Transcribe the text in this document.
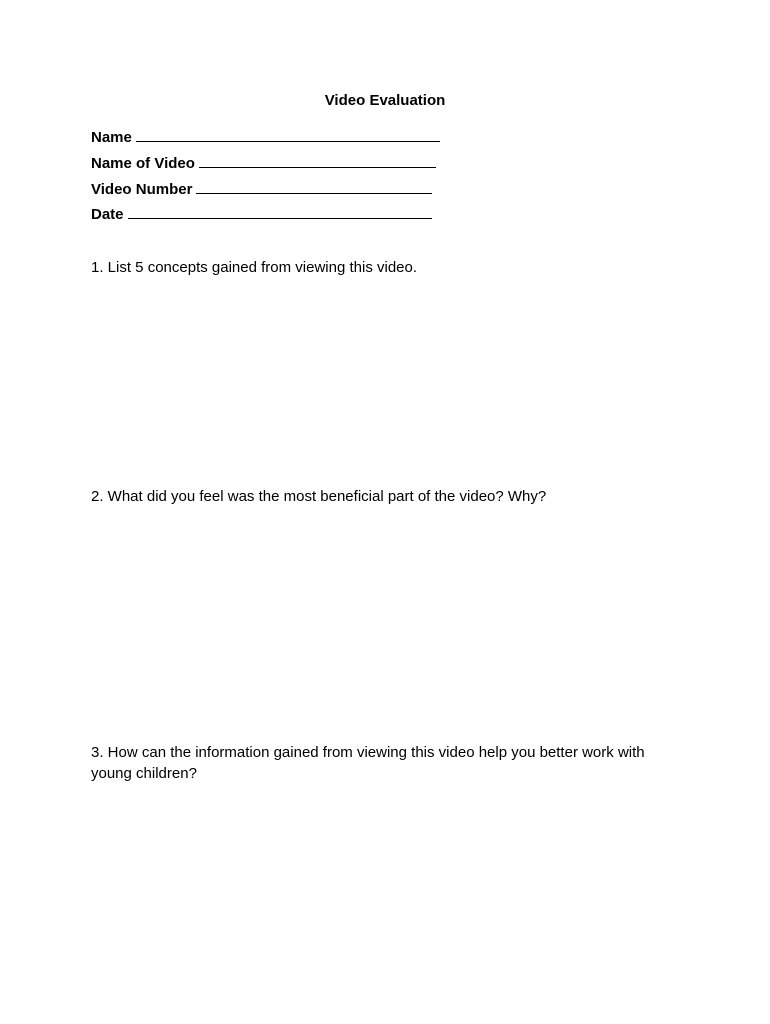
Video Evaluation
Name
Name of Video
Video Number
Date
1. List 5 concepts gained from viewing this video.
2. What did you feel was the most beneficial part of the video? Why?
3. How can the information gained from viewing this video help you better work with young children?
